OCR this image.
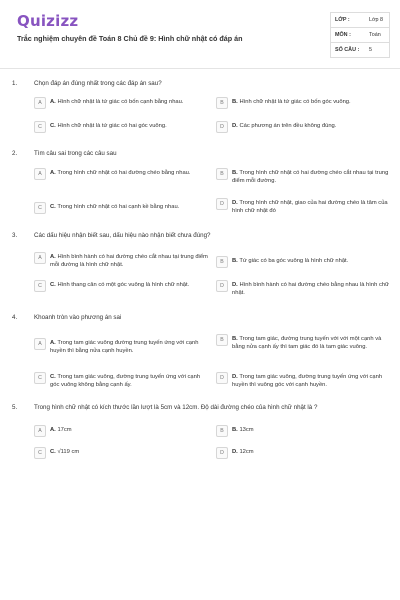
Quizizz
Trắc nghiệm chuyên đề Toán 8 Chủ đề 9: Hình chữ nhật có đáp án
LỚP :	Lớp 8
MÔN :	Toán
SỐ CÂU : 5
1.	Chọn đáp án đúng nhất trong các đáp án sau?
A	A. Hình chữ nhật là tứ giác có bốn cạnh bằng nhau.	B	B. Hình chữ nhật là tứ giác có bốn góc vuông.
C	C. Hình chữ nhật là tứ giác có hai góc vuông.	D	D. Các phương án trên đều không đúng.
2.	Tìm câu sai trong các câu sau
A	A. Trong hình chữ nhật có hai đường chéo bằng nhau.	B	B. Trong hình chữ nhật có hai đường chéo cắt nhau tại trung điểm mỗi đường.
C	C. Trong hình chữ nhật có hai cạnh kề bằng nhau.	D	D. Trong hình chữ nhật, giao của hai đường chéo là tâm của hình chữ nhật đó
3.	Các dấu hiệu nhận biết sau, dấu hiệu nào nhận biết chưa đúng?
A	A. Hình bình hành có hai đường chéo cắt nhau tại trung điểm mỗi đường là hình chữ nhật.	B	B. Tứ giác có ba góc vuông là hình chữ nhật.
C	C. Hình thang cân có một góc vuông là hình chữ nhật.	D	D. Hình bình hành có hai đường chéo bằng nhau là hình chữ nhật.
4.	Khoanh tròn vào phương án sai
A	A. Trong tam giác vuông đường trung tuyến ứng với cạnh huyền thì bằng nửa cạnh huyền.
B	B. Trong tam giác, đường trung tuyến với với một cạnh và bằng nửa cạnh ấy thì tam giác đó là tam giác vuông.
C	C. Trong tam giác vuông, đường trung tuyến ứng với cạnh góc vuông không bằng cạnh ấy.
D	D. Trong tam giác vuông, đường trung tuyến ứng với cạnh huyền thì vuông góc với cạnh huyền.
5.	Trong hình chữ nhật có kích thước lần lượt là 5cm và 12cm. Độ dài đường chéo của hình chữ nhật là ?
A	A. 17cm	B	B. 13cm
C	C. √119 cm	D	D. 12cm
